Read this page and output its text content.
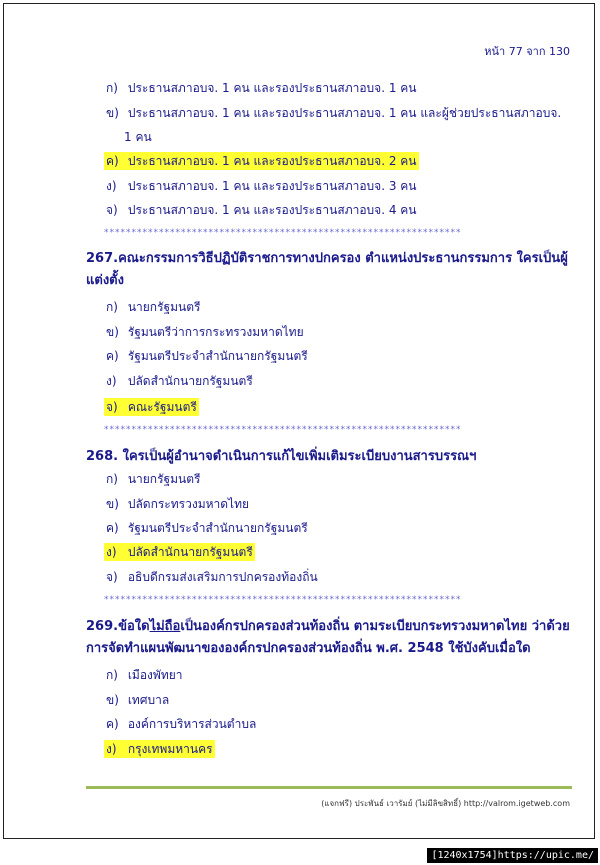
หน้า 77 จาก 130
ก) ประธานสภาอบจ. 1 คน และรองประธานสภาอบจ. 1 คน
ข) ประธานสภาอบจ. 1 คน และรองประธานสภาอบจ. 1 คน และผู้ช่วยประธานสภาอบจ.
1 คน
ค) ประธานสภาอบจ. 1 คน และรองประธานสภาอบจ. 2 คน
ง) ประธานสภาอบจ. 1 คน และรองประธานสภาอบจ. 3 คน
จ) ประธานสภาอบจ. 1 คน และรองประธานสภาอบจ. 4 คน
*****************************************************************
267.คณะกรรมการวิธีปฏิบัติราชการทางปกครอง ตำแหน่งประธานกรรมการ ใครเป็นผู้แต่งตั้ง
ก) นายกรัฐมนตรี
ข) รัฐมนตรีว่าการกระทรวงมหาดไทย
ค) รัฐมนตรีประจำสำนักนายกรัฐมนตรี
ง) ปลัดสำนักนายกรัฐมนตรี
จ) คณะรัฐมนตรี
*****************************************************************
268. ใครเป็นผู้อำนาจดำเนินการแก้ไขเพิ่มเติมระเบียบงานสารบรรณฯ
ก) นายกรัฐมนตรี
ข) ปลัดกระทรวงมหาดไทย
ค) รัฐมนตรีประจำสำนักนายกรัฐมนตรี
ง) ปลัดสำนักนายกรัฐมนตรี
จ) อธิบดีกรมส่งเสริมการปกครองท้องถิ่น
*****************************************************************
269.ข้อใดไม่ถือเป็นองค์กรปกครองส่วนท้องถิ่น ตามระเบียบกระทรวงมหาดไทย ว่าด้วยการจัดทำแผนพัฒนาขององค์กรปกครองส่วนท้องถิ่น พ.ศ. 2548 ใช้บังคับเมื่อใด
ก) เมืองพัทยา
ข) เทศบาล
ค) องค์การบริหารส่วนตำบล
ง) กรุงเทพมหานคร
(แจกฟรี) ประพันธ์ เวารัมย์ (ไม่มีลิขสิทธิ์) http://valrom.igetweb.com
[1240x1754]https://upic.me/
